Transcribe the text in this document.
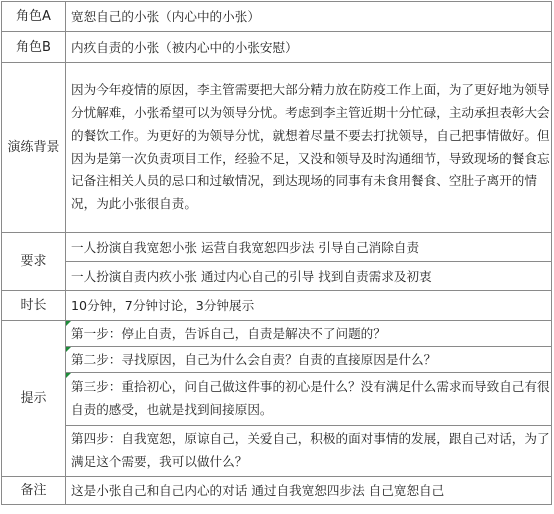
角色A	宽恕自己的小张（内心中的小张）
角色B	内疚自责的小张（被内心中的小张安慰）
演练背景	因为今年疫情的原因，李主管需要把大部分精力放在防疫工作上面，为了更好地为领导分忧解难，小张希望可以为领导分忧。考虑到李主管近期十分忙碌，主动承担表彰大会的餐饮工作。为更好的为领导分忧，就想着尽量不要去打扰领导，自己把事情做好。但因为是第一次负责项目工作，经验不足，又没和领导及时沟通细节，导致现场的餐食忘记备注相关人员的忌口和过敏情况，到达现场的同事有未食用餐食、空肚子离开的情况，为此小张很自责。

要求	一人扮演自我宽恕小张 运营自我宽恕四步法 引导自己消除自责
	一人扮演自责内疚小张 通过内心自己的引导 找到自责需求及初衷
时长	10分钟，7分钟讨论，3分钟展示
提示	第一步：停止自责，告诉自己，自责是解决不了问题的？
	第二步：寻找原因，自己为什么会自责？自责的直接原因是什么？

	第三步：重拾初心，问自己做这件事的初心是什么？没有满足什么需求而导致自己有很自责的感受，也就是找到间接原因。

	第四步：自我宽恕，原谅自己，关爱自己，积极的面对事情的发展，跟自己对话，为了满足这个需要，我可以做什么？

备注	这是小张自己和自己内心的对话 通过自我宽恕四步法 自己宽恕自己
